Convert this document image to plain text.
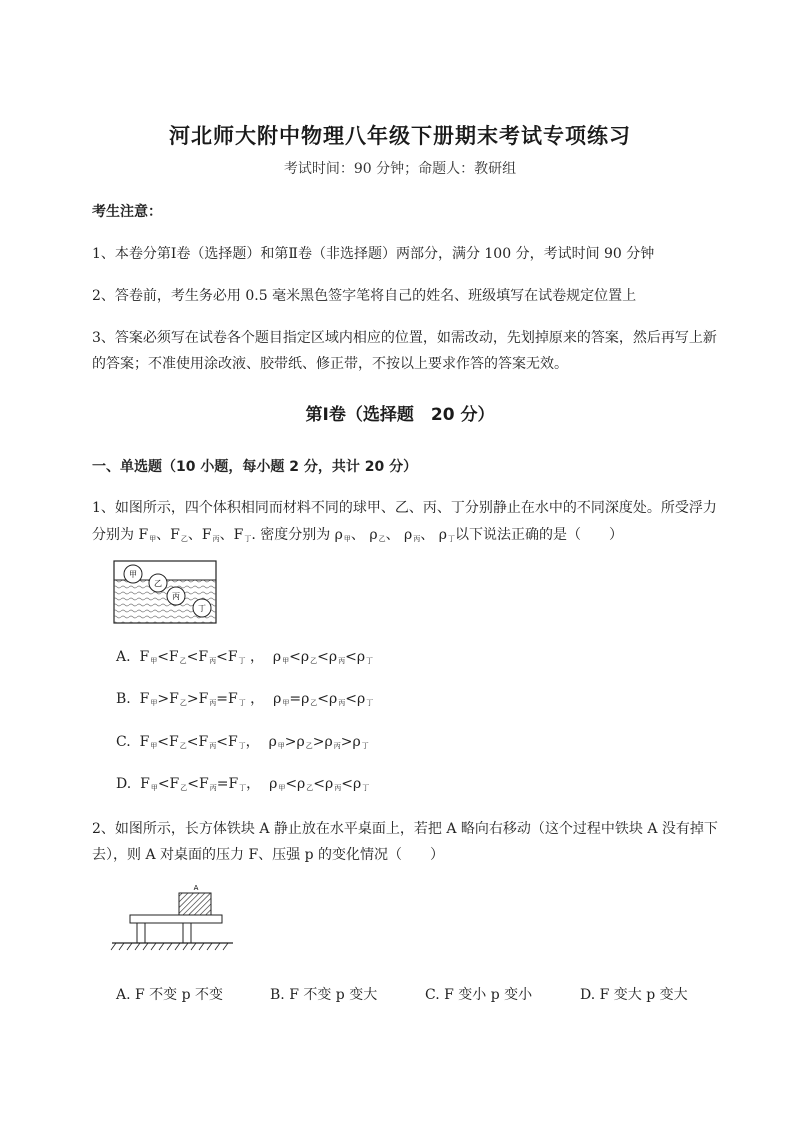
河北师大附中物理八年级下册期末考试专项练习
考试时间：90 分钟；命题人：教研组
考生注意：
1、本卷分第Ⅰ卷（选择题）和第Ⅱ卷（非选择题）两部分，满分 100 分，考试时间 90 分钟
2、答卷前，考生务必用 0.5 毫米黑色签字笔将自己的姓名、班级填写在试卷规定位置上
3、答案必须写在试卷各个题目指定区域内相应的位置，如需改动，先划掉原来的答案，然后再写上新
的答案；不准使用涂改液、胶带纸、修正带，不按以上要求作答的答案无效。
第Ⅰ卷（选择题　20 分）
一、单选题（10 小题，每小题 2 分，共计 20 分）
1、如图所示，四个体积相同而材料不同的球甲、乙、丙、丁分别静止在水中的不同深度处。所受浮力
分别为 $F_甲$、$F_乙$、$F_丙$、$F_丁$. 密度分别为 $\rho_甲$、 $\rho_乙$、 $\rho_丙$、 $\rho_丁$以下说法正确的是（　　）
甲
乙
丙
丁
A. $F_甲<F_乙<F_丙<F_丁$ ，  $\rho_甲<\rho_乙<\rho_丙<\rho_丁$
B. $F_甲>F_乙>F_丙=F_丁$ ，  $\rho_甲=\rho_乙<\rho_丙<\rho_丁$
C. $F_甲<F_乙<F_丙<F_丁$，  $\rho_甲>\rho_乙>\rho_丙>\rho_丁$
D. $F_甲<F_乙<F_丙=F_丁$，  $\rho_甲<\rho_乙<\rho_丙<\rho_丁$
2、如图所示，长方体铁块 A 静止放在水平桌面上，若把 A 略向右移动（这个过程中铁块 A 没有掉下
去），则 A 对桌面的压力 F、压强 p 的变化情况（　　）
A
A. F 不变 p 不变	B. F 不变 p 变大	C. F 变小 p 变小	D. F 变大 p 变大
